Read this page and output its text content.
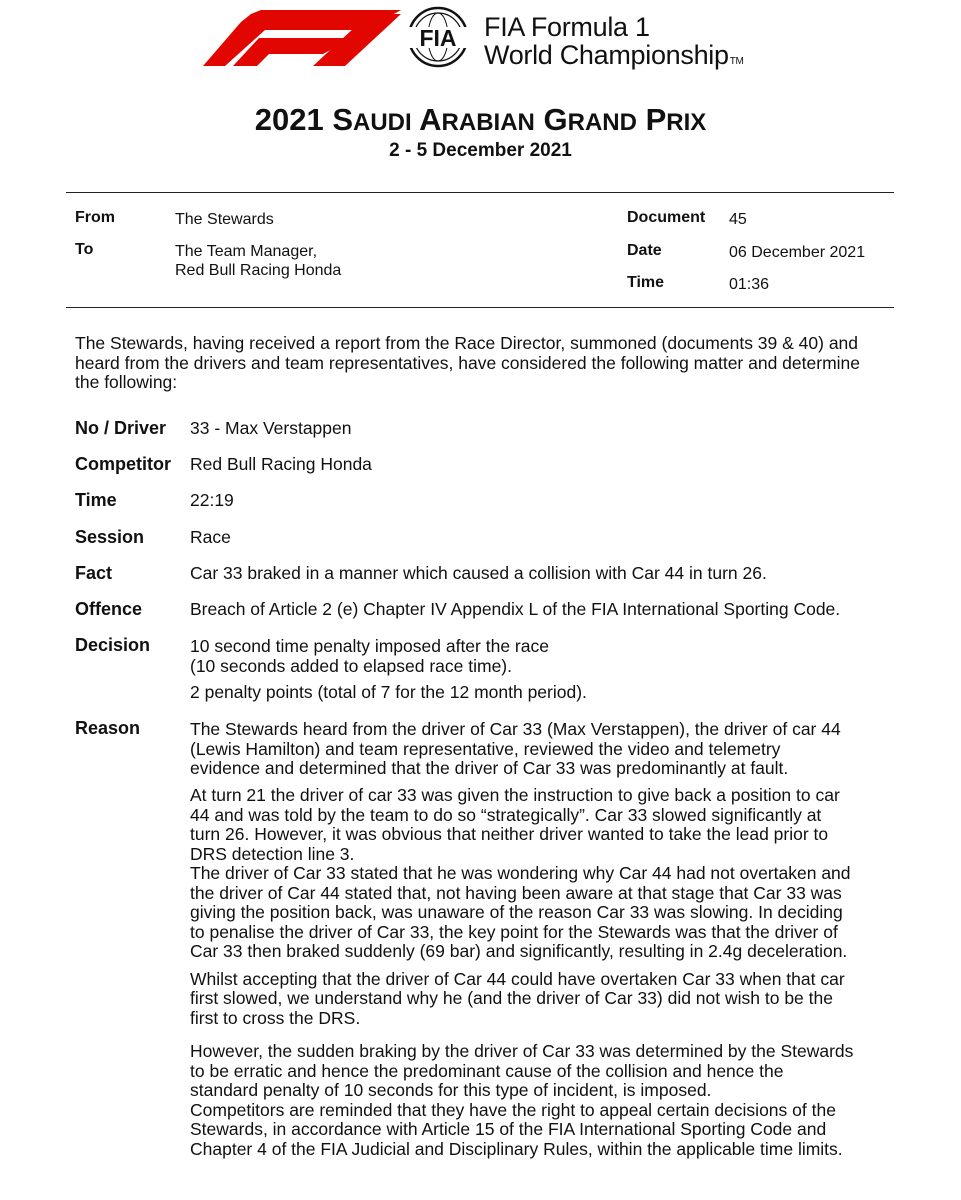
FIA FIA Formula 1
World ChampionshipTM
2021 SAUDI ARABIAN GRAND PRIX
2 - 5 December 2021
From	The Stewards
To	The Team Manager,
Red Bull Racing Honda
Document 45
Date	06 December 2021
Time	01:36
The Stewards, having received a report from the Race Director, summoned (documents 39 & 40) and heard from the drivers and team representatives, have considered the following matter and determine the following:
No / Driver 33 - Max Verstappen
Competitor Red Bull Racing Honda
Time	22:19
Session	Race
Fact	Car 33 braked in a manner which caused a collision with Car 44 in turn 26.
Offence	Breach of Article 2 (e) Chapter IV Appendix L of the FIA International Sporting Code.
Decision 10 second time penalty imposed after the race
(10 seconds added to elapsed race time).
2 penalty points (total of 7 for the 12 month period).
Reason	The Stewards heard from the driver of Car 33 (Max Verstappen), the driver of car 44
(Lewis Hamilton) and team representative, reviewed the video and telemetry
evidence and determined that the driver of Car 33 was predominantly at fault.
At turn 21 the driver of car 33 was given the instruction to give back a position to car
44 and was told by the team to do so “strategically”. Car 33 slowed significantly at
turn 26. However, it was obvious that neither driver wanted to take the lead prior to
DRS detection line 3.
The driver of Car 33 stated that he was wondering why Car 44 had not overtaken and
the driver of Car 44 stated that, not having been aware at that stage that Car 33 was
giving the position back, was unaware of the reason Car 33 was slowing. In deciding
to penalise the driver of Car 33, the key point for the Stewards was that the driver of
Car 33 then braked suddenly (69 bar) and significantly, resulting in 2.4g deceleration.
Whilst accepting that the driver of Car 44 could have overtaken Car 33 when that car
first slowed, we understand why he (and the driver of Car 33) did not wish to be the
first to cross the DRS.
However, the sudden braking by the driver of Car 33 was determined by the Stewards
to be erratic and hence the predominant cause of the collision and hence the
standard penalty of 10 seconds for this type of incident, is imposed.
Competitors are reminded that they have the right to appeal certain decisions of the
Stewards, in accordance with Article 15 of the FIA International Sporting Code and
Chapter 4 of the FIA Judicial and Disciplinary Rules, within the applicable time limits.
